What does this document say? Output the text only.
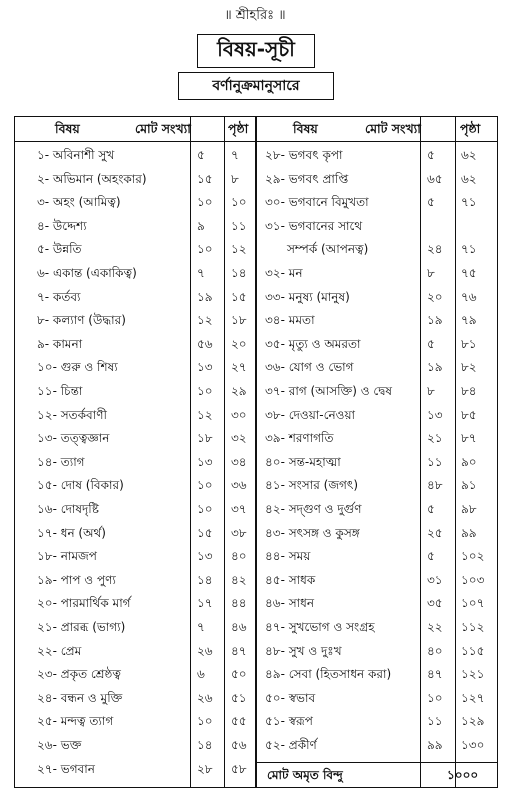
॥ শ্রীহরিঃ ॥
বিষয়-সূচী
বর্ণানুক্রমানুসারে
বিষয়	মোট সংখ্যা	পৃষ্ঠা
১- অবিনাশী সুখ	৫ ৭
২- অভিমান (অহংকার)	১৫ ৮
৩- অহং (আমিত্ব)	১০ ১০
৪- উদ্দেশ্য	৯ ১১
৫- উন্নতি	১০ ১২
৬- একান্ত (একাকিত্ব)	৭ ১৪
৭- কর্তব্য	১৯ ১৫
৮- কল্যাণ (উদ্ধার)	১২ ১৮
৯- কামনা	৫৬ ২০
১০- গুরু ও শিষ্য	১৩ ২৭
১১- চিন্তা	১০ ২৯
১২- সতর্কবাণী	১২ ৩০
১৩- তত্ত্বজ্ঞান	১৮ ৩২
১৪- ত্যাগ	১৩ ৩৪
১৫- দোষ (বিকার)	১০ ৩৬
১৬- দোষদৃষ্টি	১০ ৩৭
১৭- ধন (অর্থ)	১৫ ৩৮
১৮- নামজপ	১৩ ৪০
১৯- পাপ ও পুণ্য	১৪ ৪২
২০- পারমার্থিক মার্গ	১৭ ৪৪
২১- প্রারব্ধ (ভাগ্য)	৭ ৪৬
২২- প্রেম	২৬ ৪৭
২৩- প্রকৃত শ্রেষ্ঠত্ব	৬ ৫০
২৪- বন্ধন ও মুক্তি	২৬ ৫১
২৫- মন্দত্ব ত্যাগ	১০ ৫৫
২৬- ভক্ত	১৪ ৫৬
২৭- ভগবান	২৮ ৫৮
বিষয়	মোট সংখ্যা	পৃষ্ঠা
২৮- ভগবৎ কৃপা	৫ ৬২
২৯- ভগবৎ প্রাপ্তি	৬৫ ৬২
৩০- ভগবানে বিমুখতা	৫ ৭১
৩১- ভগবানের সাথে
সম্পর্ক (আপনত্ব)	২৪ ৭১
৩২- মন	৮ ৭৫
৩৩- মনুষ্য (মানুষ)	২০ ৭৬
৩৪- মমতা	১৯ ৭৯
৩৫- মৃত্যু ও অমরতা	৫ ৮১
৩৬- যোগ ও ভোগ	১৯ ৮২
৩৭- রাগ (আসক্তি) ও দ্বেষ	৮ ৮৪
৩৮- দেওয়া-নেওয়া	১৩ ৮৫
৩৯- শরণাগতি	২১ ৮৭
৪০- সন্ত-মহাত্মা	১১ ৯০
৪১- সংসার (জগৎ)	৪৮ ৯১
৪২- সদ্গুণ ও দুর্গুণ	৫ ৯৮
৪৩- সৎসঙ্গ ও কুসঙ্গ	২৫ ৯৯
৪৪- সময়	৫ ১০২
৪৫- সাধক	৩১ ১০৩
৪৬- সাধন	৩৫ ১০৭
৪৭- সুখভোগ ও সংগ্রহ	২২ ১১২
৪৮- সুখ ও দুঃখ	৪০ ১১৫
৪৯- সেবা (হিতসাধন করা)	৪৭ ১২১
৫০- স্বভাব	১০ ১২৭
৫১- স্বরূপ	১১ ১২৯
৫২- প্রকীর্ণ	৯৯ ১৩০
মোট অমৃত বিন্দু	১০০০
